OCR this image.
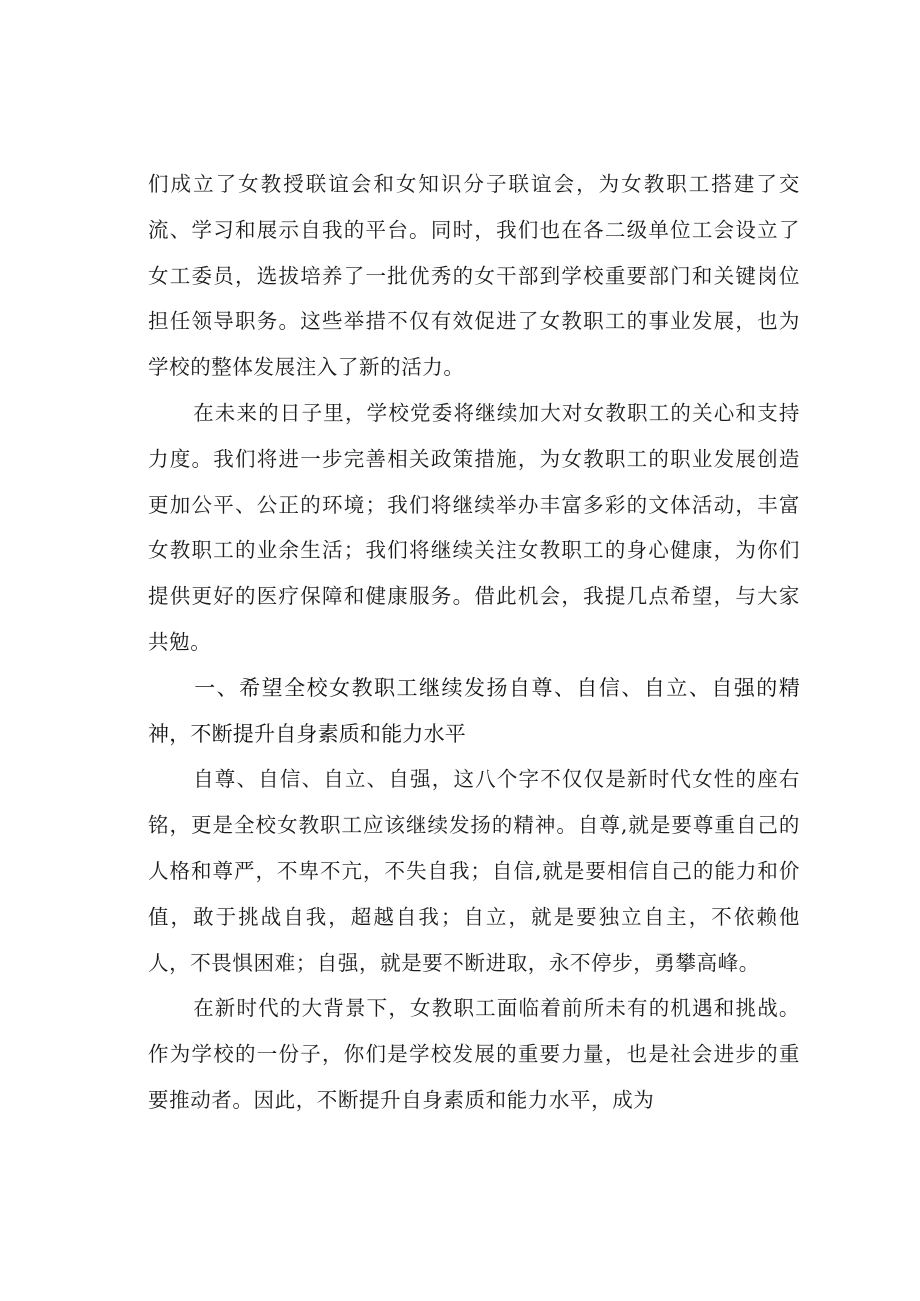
们成立了女教授联谊会和女知识分子联谊会，为女教职工搭建了交流、学习和展示自我的平台。同时，我们也在各二级单位工会设立了女工委员，选拔培养了一批优秀的女干部到学校重要部门和关键岗位担任领导职务。这些举措不仅有效促进了女教职工的事业发展，也为学校的整体发展注入了新的活力。

在未来的日子里，学校党委将继续加大对女教职工的关心和支持力度。我们将进一步完善相关政策措施，为女教职工的职业发展创造更加公平、公正的环境；我们将继续举办丰富多彩的文体活动，丰富女教职工的业余生活；我们将继续关注女教职工的身心健康，为你们提供更好的医疗保障和健康服务。借此机会，我提几点希望，与大家共勉。

一、希望全校女教职工继续发扬自尊、自信、自立、自强的精神，不断提升自身素质和能力水平

自尊、自信、自立、自强，这八个字不仅仅是新时代女性的座右铭，更是全校女教职工应该继续发扬的精神。自尊,就是要尊重自己的人格和尊严，不卑不亢，不失自我；自信,就是要相信自己的能力和价值，敢于挑战自我，超越自我；自立，就是要独立自主，不依赖他人，不畏惧困难；自强，就是要不断进取，永不停步，勇攀高峰。

在新时代的大背景下，女教职工面临着前所未有的机遇和挑战。作为学校的一份子，你们是学校发展的重要力量，也是社会进步的重要推动者。因此，不断提升自身素质和能力水平，成为
